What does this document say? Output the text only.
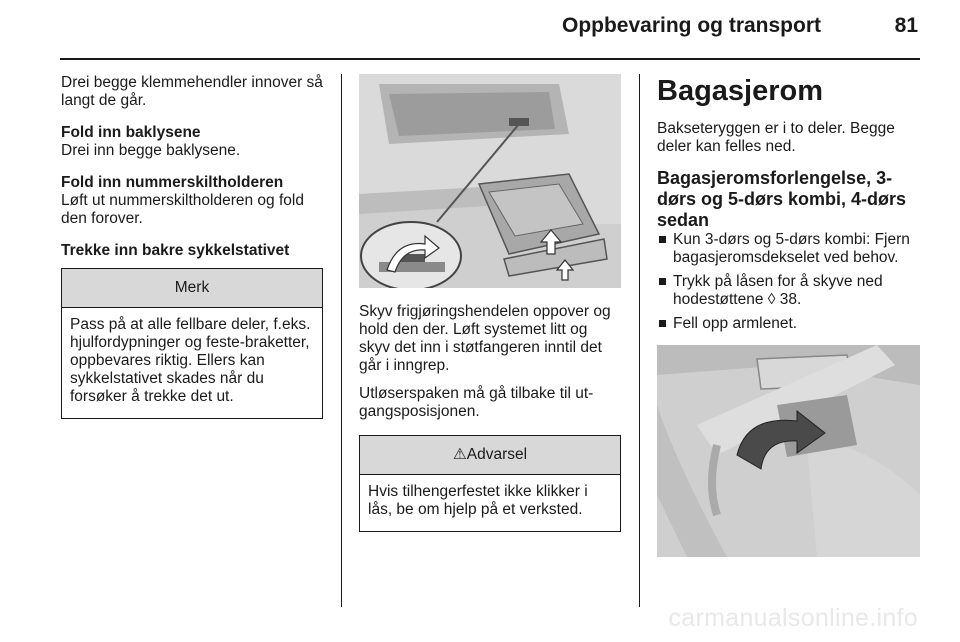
Oppbevaring og transport	81

Drei begge klemmehendler innover så langt de går.

Fold inn baklysene

Drei inn begge baklysene.

Fold inn nummerskiltholderen

Løft ut nummerskiltholderen og fold den forover.

Trekke inn bakre sykkelstativet

Merk
Pass på at alle fellbare deler, f.eks. hjulfordypninger og feste-braketter, oppbevares riktig. Ellers kan sykkelstativet skades når du forsøker å trekke det ut.

Skyv frigjøringshendelen oppover og hold den der. Løft systemet litt og skyv det inn i støtfangeren inntil det går i inngrep.

Utløserspaken må gå tilbake til ut-gangsposisjonen.

⚠Advarsel
Hvis tilhengerfestet ikke klikker i lås, be om hjelp på et verksted.
Bagasjerom

Bakseteryggen er i to deler. Begge deler kan felles ned.

Bagasjeromsforlengelse, 3-dørs og 5-dørs kombi, 4-dørs sedan
Kun 3-dørs og 5-dørs kombi: Fjern bagasjeromsdekselet ved behov.
Trykk på låsen for å skyve ned hodestøttene ◊ 38.
Fell opp armlenet.
carmanualsonline.info
